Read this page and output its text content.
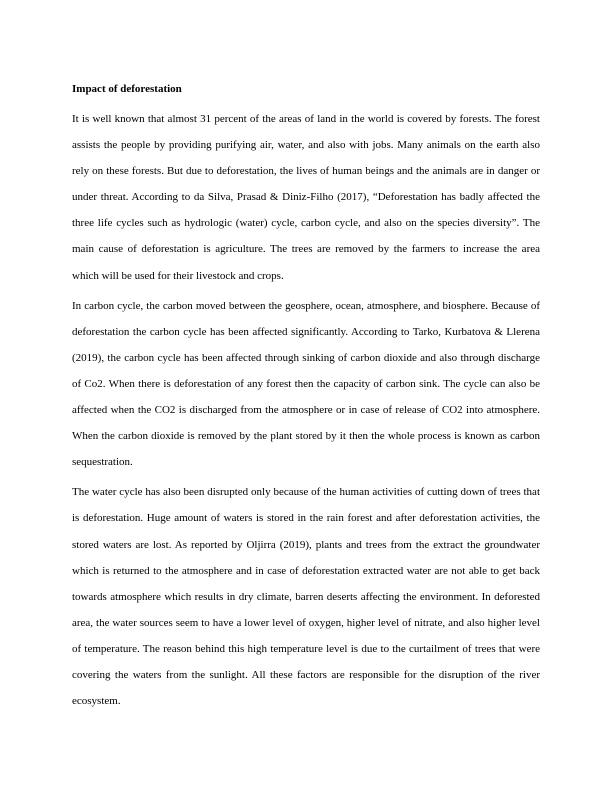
Impact of deforestation

It is well known that almost 31 percent of the areas of land in the world is covered by forests. The forest assists the people by providing purifying air, water, and also with jobs. Many animals on the earth also rely on these forests. But due to deforestation, the lives of human beings and the animals are in danger or under threat. According to da Silva, Prasad & Diniz-Filho (2017), “Deforestation has badly affected the three life cycles such as hydrologic (water) cycle, carbon cycle, and also on the species diversity”. The main cause of deforestation is agriculture. The trees are removed by the farmers to increase the area which will be used for their livestock and crops.

In carbon cycle, the carbon moved between the geosphere, ocean, atmosphere, and biosphere. Because of deforestation the carbon cycle has been affected significantly. According to Tarko, Kurbatova & Llerena (2019), the carbon cycle has been affected through sinking of carbon dioxide and also through discharge of Co2. When there is deforestation of any forest then the capacity of carbon sink. The cycle can also be affected when the CO2 is discharged from the atmosphere or in case of release of CO2 into atmosphere. When the carbon dioxide is removed by the plant stored by it then the whole process is known as carbon sequestration.

The water cycle has also been disrupted only because of the human activities of cutting down of trees that is deforestation. Huge amount of waters is stored in the rain forest and after deforestation activities, the stored waters are lost. As reported by Oljirra (2019), plants and trees from the extract the groundwater which is returned to the atmosphere and in case of deforestation extracted water are not able to get back towards atmosphere which results in dry climate, barren deserts affecting the environment. In deforested area, the water sources seem to have a lower level of oxygen, higher level of nitrate, and also higher level of temperature. The reason behind this high temperature level is due to the curtailment of trees that were covering the waters from the sunlight. All these factors are responsible for the disruption of the river ecosystem.
